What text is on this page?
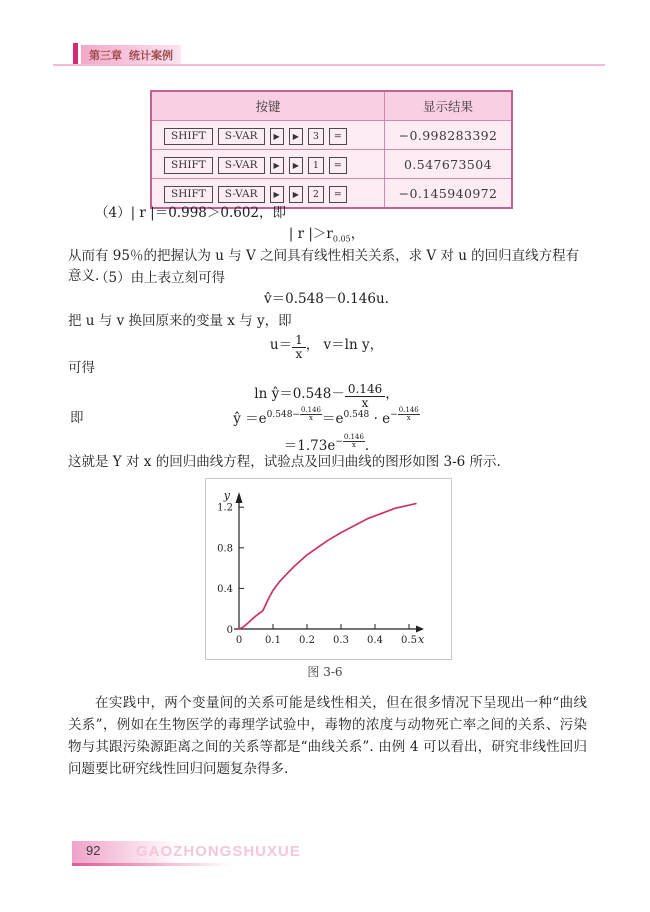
第三章 统计案例
按键	显示结果
SHIFT S-VAR ▶ ▶ 3 =	−0.998283392
SHIFT S-VAR ▶ ▶ 1 =	0.547673504
SHIFT S-VAR ▶ ▶ 2 =	−0.145940972
（4）| r |＝0.998＞0.602，即
| r $|>r_{0.05}$，
从而有 95％的把握认为 u 与 V 之间具有线性相关关系，求 V 对 u 的回归直线方程有意义.
（5）由上表立刻可得
v̂＝0.548－0.146u.
把 u 与 v 换回原来的变量 x 与 y，即
$u= \frac{1}{x}$ ， v＝ln y，
可得
ln ŷ＝0.548－ $\frac{0.146}{x}$ ，
即	ŷ $=e^{0.548- \frac{0.146}{x}} =e^{0.548} \cdot e^{- \frac{0.146}{x}}$
$=1.73e^{- \frac{0.146}{x}}$ .
这就是 Y 对 x 的回归曲线方程，试验点及回归曲线的图形如图 3-6 所示.
y
x
0 0.1 0.2 0.3 0.4 0.5
0
0.4
0.8
1.2
图 3-6
在实践中，两个变量间的关系可能是线性相关，但在很多情况下呈现出一种“曲线关系”，例如在生物医学的毒理学试验中，毒物的浓度与动物死亡率之间的关系、污染物与其跟污染源距离之间的关系等都是“曲线关系”. 由例 4 可以看出，研究非线性回归问题要比研究线性回归问题复杂得多.
GAOZHONGSHUXUE
92
